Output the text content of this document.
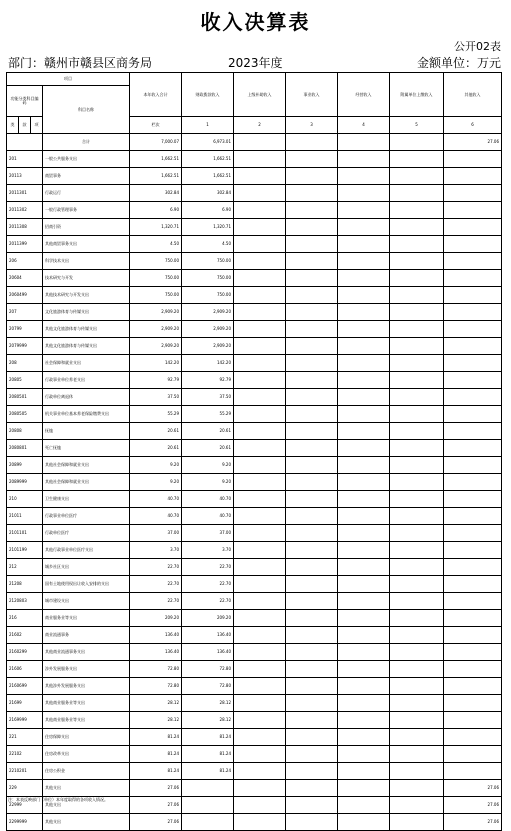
收入决算表
公开02表
部门：赣州市赣县区商务局	2023年度	金额单位：万元
项目				本年收入合计	财政拨款收入	上级补助收入	事业收入	经营收入	附属单位上缴收入	其他收入	
功能分类科目编码			科目名称								
类	款	项		栏次	1	2	3	4	5	6	
			合计	7,000.07	6,973.01					27.06	
201			一般公共服务支出	1,662.51	1,662.51						
20113			商贸事务	1,662.51	1,662.51						
2011301			行政运行	302.84	302.84						
2011302			一般行政管理事务	6.90	6.90						
2011308			招商引资	1,320.71	1,320.71						
2011399			其他商贸事务支出	4.50	4.50						
206			科学技术支出	750.00	750.00						
20604			技术研究与开发	750.00	750.00						
2060499			其他技术研究与开发支出	750.00	750.00						
207			文化旅游体育与传媒支出	2,909.20	2,909.20						
20799			其他文化旅游体育与传媒支出	2,909.20	2,909.20						
2079999			其他文化旅游体育与传媒支出	2,909.20	2,909.20						
208			社会保障和就业支出	142.20	142.20						
20805			行政事业单位养老支出	92.79	92.79						
2080501			行政单位离退休	37.50	37.50						
2080505			机关事业单位基本养老保险缴费支出	55.29	55.29						
20808			抚恤	20.61	20.61						
2080801			死亡抚恤	20.61	20.61						
20899			其他社会保障和就业支出	9.20	9.20						
2089999			其他社会保障和就业支出	9.20	9.20						
210			卫生健康支出	40.70	40.70						
21011			行政事业单位医疗	40.70	40.70						
2101101			行政单位医疗	37.00	37.00						
2101199			其他行政事业单位医疗支出	3.70	3.70						
212			城乡社区支出	22.70	22.70						
21208			国有土地使用权出让收入安排的支出	22.70	22.70						
2120803			城市建设支出	22.70	22.70						
216			商业服务业等支出	209.20	209.20						
21602			商业流通事务	136.40	136.40						
2160299			其他商业流通事务支出	136.40	136.40						
21606			涉外发展服务支出	72.80	72.80						
2160699			其他涉外发展服务支出	72.80	72.80						
21699			其他商业服务业等支出	28.12	28.12						
2169999			其他商业服务业等支出	28.12	28.12						
221			住房保障支出	81.24	81.24						
22102			住房改革支出	81.24	81.24						
2210201			住房公积金	81.24	81.24						
229			其他支出	27.06						27.06	
22999			其他支出	27.06						27.06	
2299999			其他支出	27.06						27.06	
注：本表反映部门（单位）本年度取得的各项收入情况。
